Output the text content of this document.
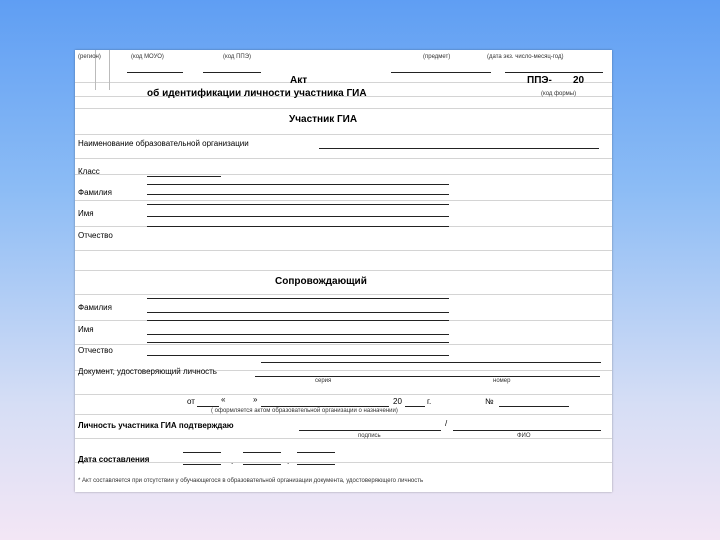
(регион)	(код МОУО)	(код ППЭ)	(предмет)	(дата экз. число-месяц-год)
Акт	ППЭ- 20
об идентификации личности участника ГИА	(код формы)
Участник ГИА
Наименование образовательной организации
Класс
Фамилия
Имя
Отчество
Сопровождающий
Фамилия
Имя
Отчество
Документ, удостоверяющий личность
серия	номер
от	«	»	20	г.	№
( оформляется актом образовательной организации о назначении)
Личность участника ГИА подтверждаю	/
подпись	ФИО
Дата составления	.	.
* Акт составляется при отсутствии у обучающегося в образовательной организации документа, удостоверяющего личность
